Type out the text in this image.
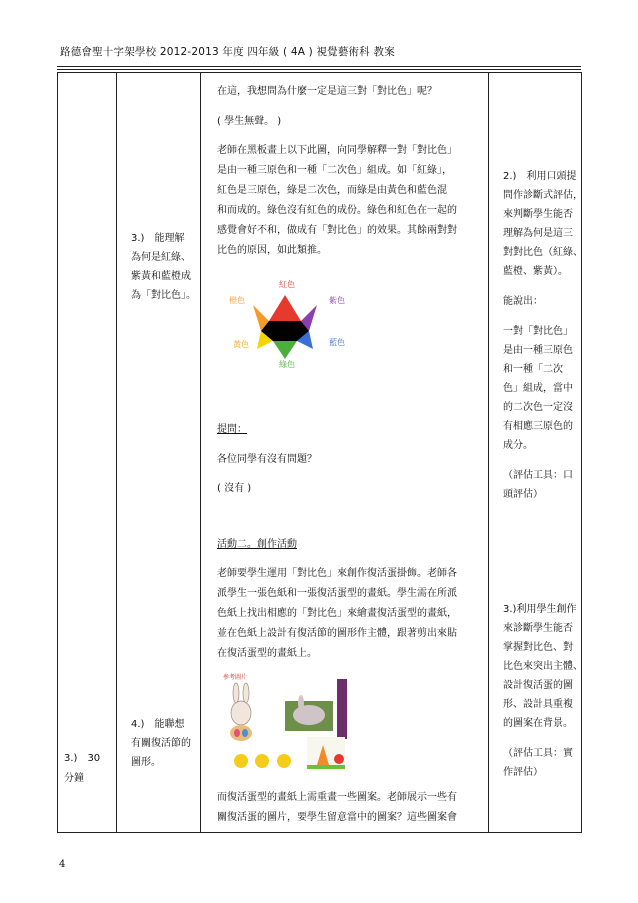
路德會聖十字架學校 2012-2013 年度 四年級 ( 4A ) 視覺藝術科 教案
3.)　30
分鐘

3.)　能理解
為何是紅綠、
紫黃和藍橙成
為「對比色」。
4.)　能聯想
有關復活節的
圖形。

在這，我想問為什麼一定是這三對「對比色」呢？
( 學生無聲。 )
老師在黑板畫上以下此圖，向同學解釋一對「對比色」
是由一種三原色和一種「二次色」組成。如「紅綠」，
紅色是三原色，綠是二次色，而綠是由黃色和藍色混
和而成的。綠色沒有紅色的成份。綠色和紅色在一起的
感覺會好不和，做成有「對比色」的效果。其餘兩對對
比色的原因，如此類推。
紅色
橙色	紫色
黃色	藍色
綠色
提問：
各位同學有沒有問題？
( 沒有 )
活動二。創作活動
老師要學生運用「對比色」來創作復活蛋掛飾。老師各
派學生一張色紙和一張復活蛋型的畫紙。學生需在所派
色紙上找出相應的「對比色」來繪畫復活蛋型的畫紙，
並在色紙上設計有復活節的圖形作主體，跟著剪出來貼
在復活蛋型的畫紙上。
參考圖片
而復活蛋型的畫紙上需重畫一些圖案。老師展示一些有
關復活蛋的圖片，要學生留意當中的圖案？這些圖案會

2.)　利用口頭提
問作診斷式評估，
來判斷學生能否
理解為何是這三
對對比色（紅綠、
藍橙、紫黃）。
能說出：
一對「對比色」
是由一種三原色
和一種「二次
色」組成，當中
的二次色一定沒
有相應三原色的
成分。
（評估工具：口
頭評估）
3.)利用學生創作
來診斷學生能否
掌握對比色、對
比色來突出主體、
設計復活蛋的圖
形、設計具重複
的圖案在背景。
（評估工具：實
作評估）
4
